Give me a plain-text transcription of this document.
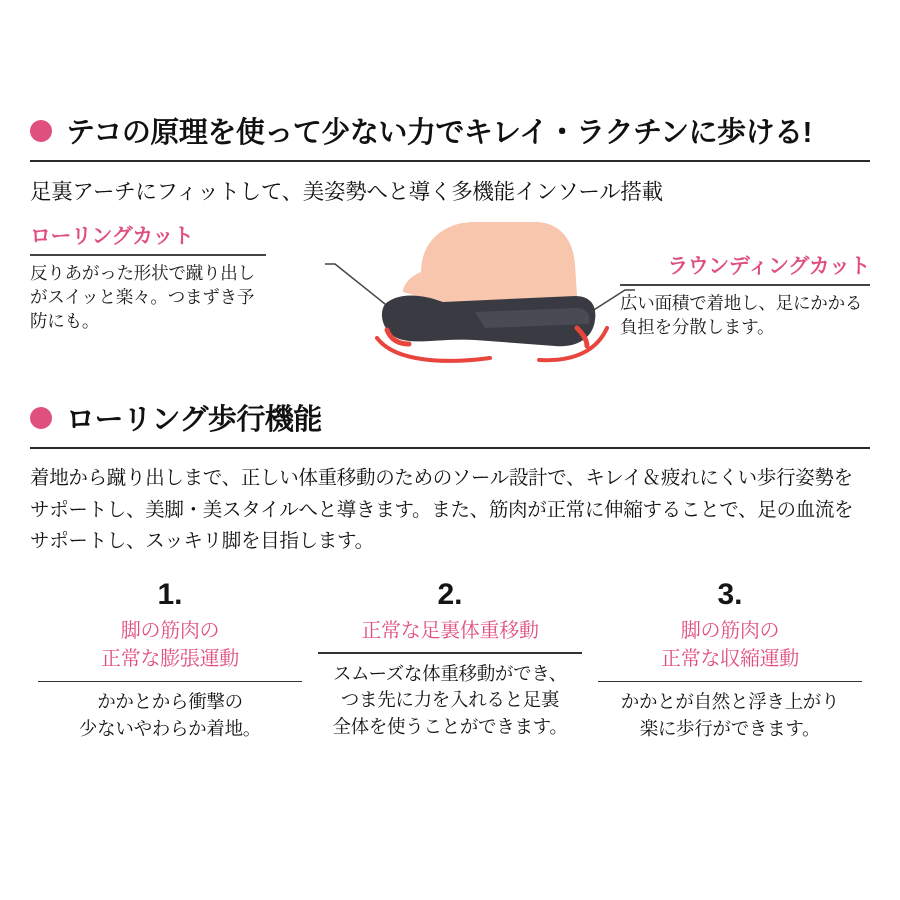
テコの原理を使って少ない力でキレイ・ラクチンに歩ける!
足裏アーチにフィットして、美姿勢へと導く多機能インソール搭載
ローリングカット
反りあがった形状で蹴り出しがスイッと楽々。つまずき予防にも。
ラウンディングカット
広い面積で着地し、足にかかる負担を分散します。
ローリング歩行機能
着地から蹴り出しまで、正しい体重移動のためのソール設計で、キレイ＆疲れにくい歩行姿勢をサポートし、美脚・美スタイルへと導きます。また、筋肉が正常に伸縮することで、足の血流をサポートし、スッキリ脚を目指します。
1.
脚の筋肉の
正常な膨張運動
かかとから衝撃の
少ないやわらか着地。
2.
正常な足裏体重移動
スムーズな体重移動ができ、
つま先に力を入れると足裏
全体を使うことができます。
3.
脚の筋肉の
正常な収縮運動
かかとが自然と浮き上がり
楽に歩行ができます。
